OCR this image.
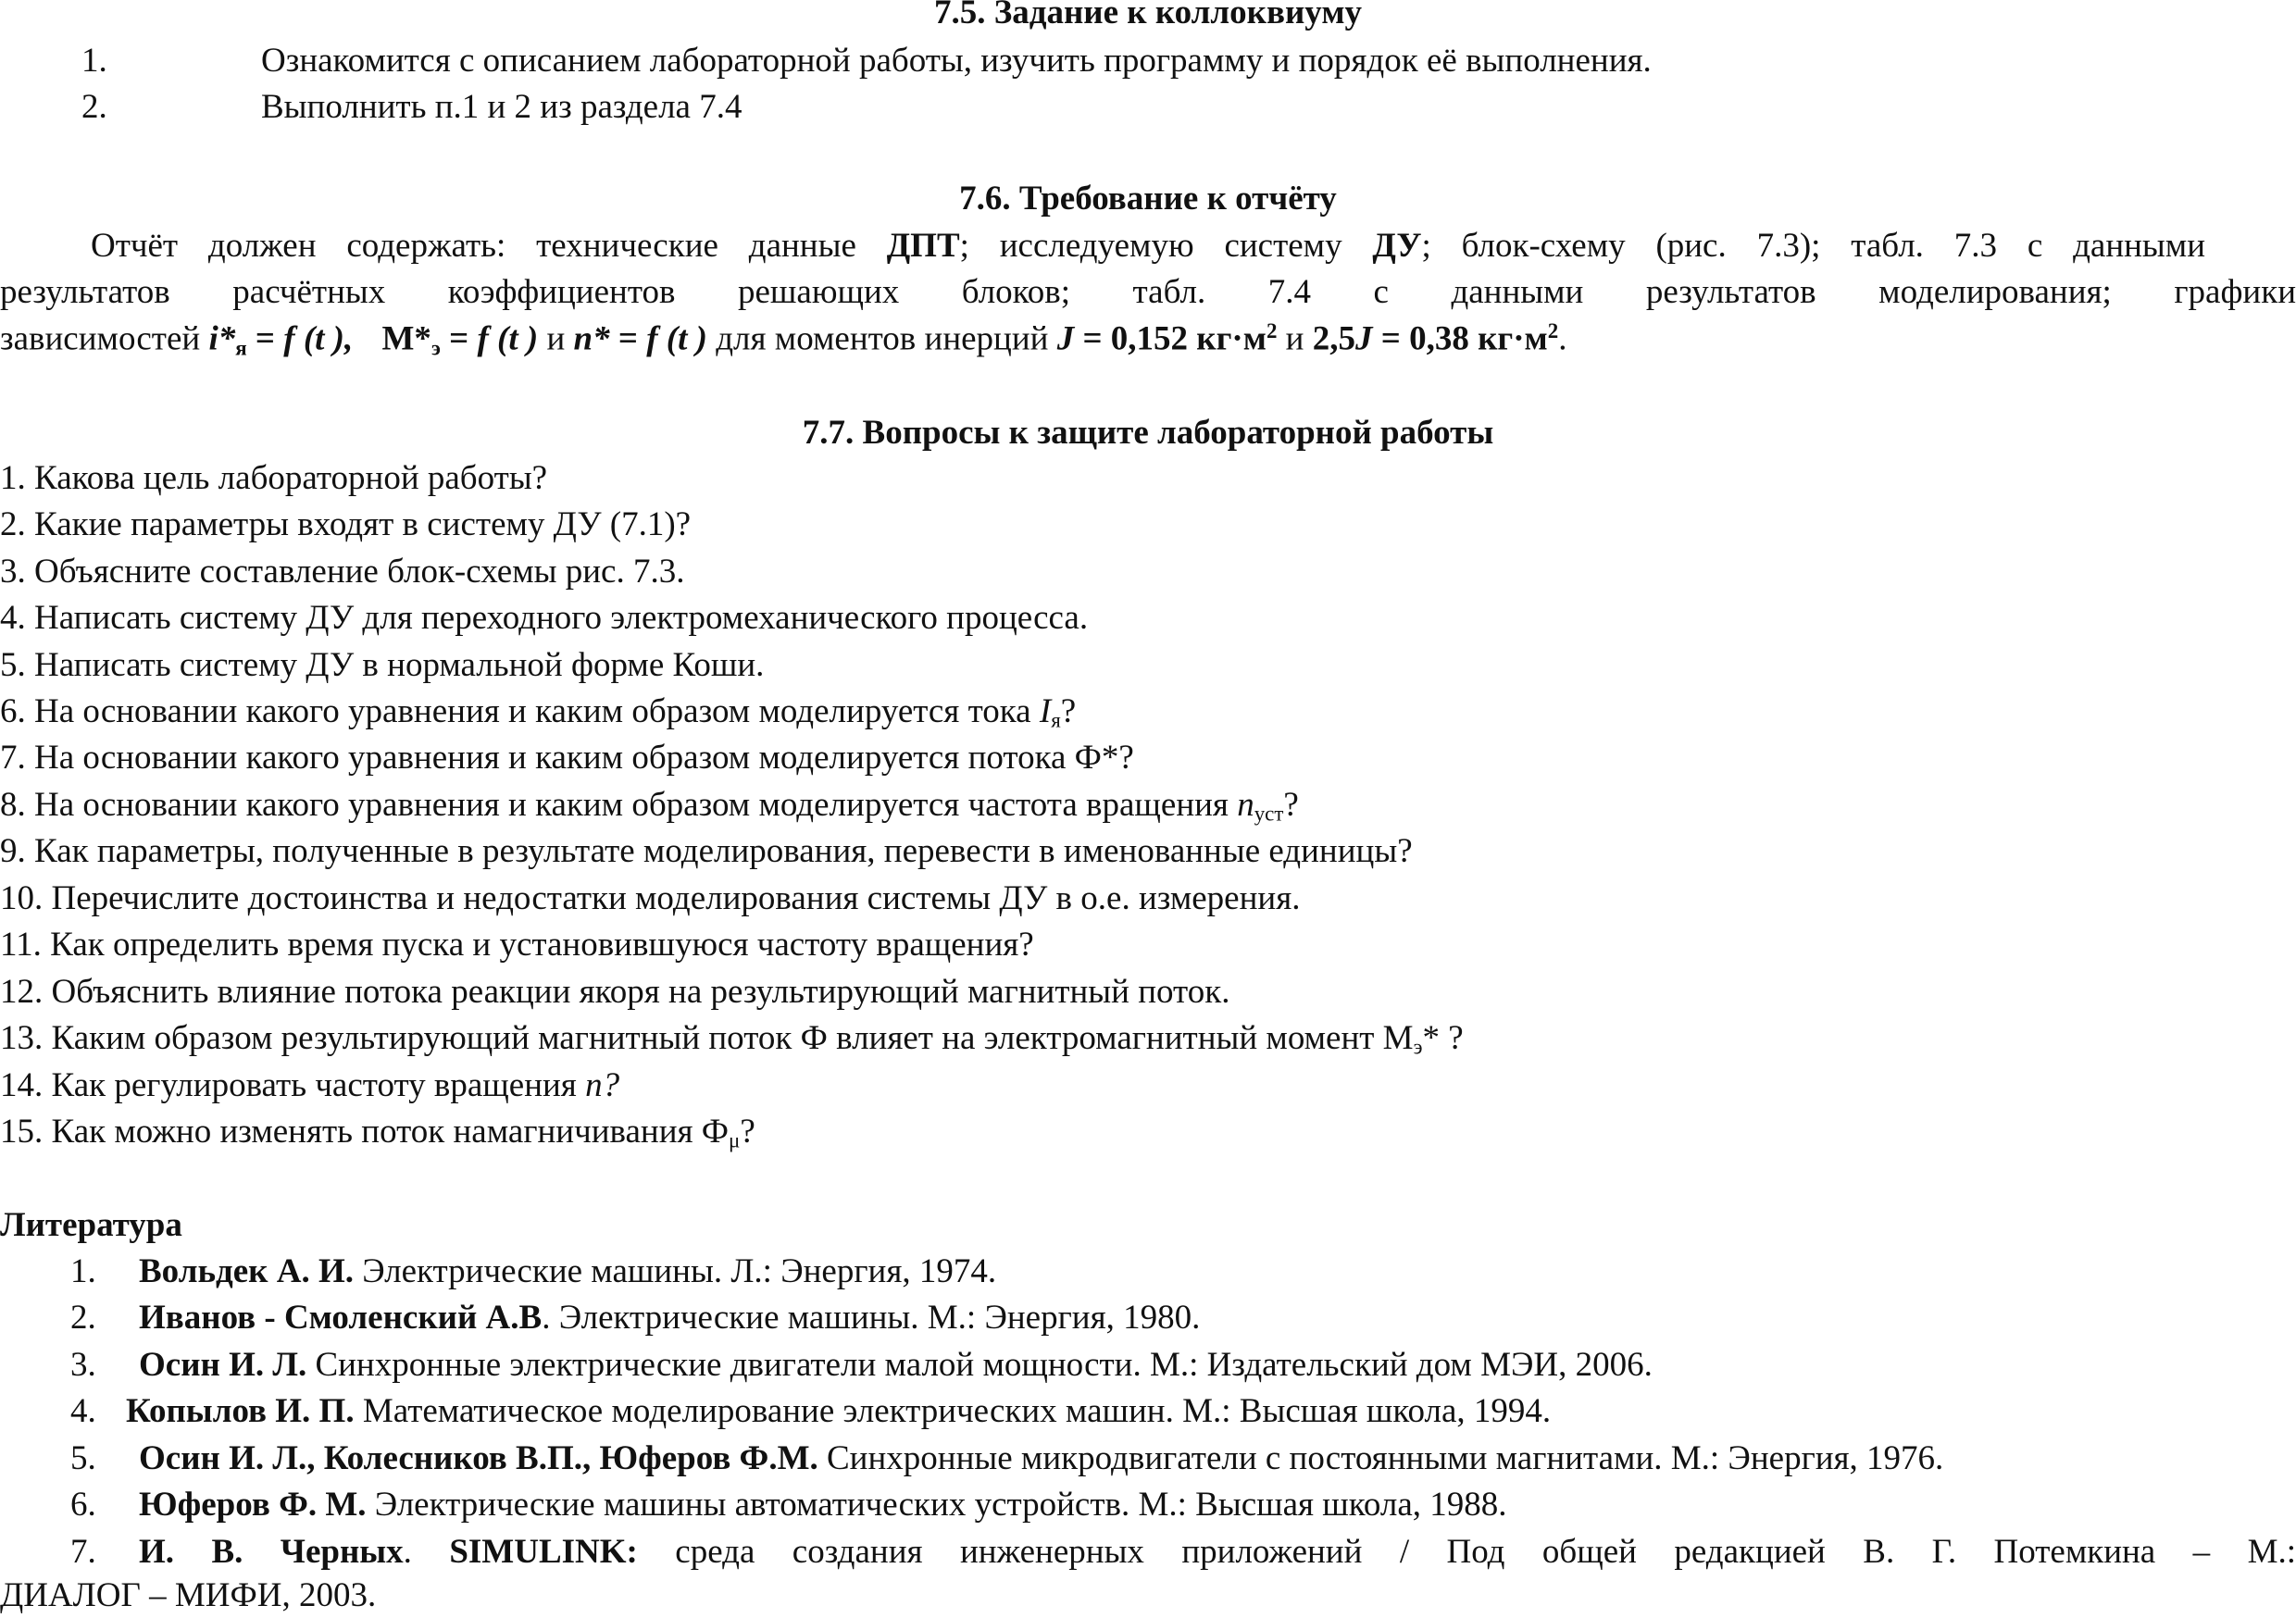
7.5. Задание к коллоквиуму
1.	Ознакомится с описанием лабораторной работы, изучить программу и порядок её выполнения.
2.	Выполнить п.1 и 2 из раздела 7.4
7.6. Требование к отчёту
Отчёт должен содержать: технические данные ДПТ; исследуемую систему ДУ; блок-схему (рис. 7.3); табл. 7.3 с данными
результатов расчётных коэффициентов решающих блоков; табл. 7.4 с данными результатов моделирования; графики
зависимостей $i*_я = f$ (t ), $M*_э = f$ (t ) и n* = f (t ) для моментов инерций J = 0,152 $кг\cdot м^2$ и 2,5J = 0,38 $кг\cdot м^2$.
7.7. Вопросы к защите лабораторной работы
1. Какова цель лабораторной работы?
2. Какие параметры входят в систему ДУ (7.1)?
3. Объясните составление блок-схемы рис. 7.3.
4. Написать систему ДУ для переходного электромеханического процесса.
5. Написать систему ДУ в нормальной форме Коши.
6. На основании какого уравнения и каким образом моделируется тока $I_я$?
7. На основании какого уравнения и каким образом моделируется потока Ф*?
8. На основании какого уравнения и каким образом моделируется частота вращения $n_{уст}$?
9. Как параметры, полученные в результате моделирования, перевести в именованные единицы?
10. Перечислите достоинства и недостатки моделирования системы ДУ в о.е. измерения.
11. Как определить время пуска и установившуюся частоту вращения?
12. Объяснить влияние потока реакции якоря на результирующий магнитный поток.
13. Каким образом результирующий магнитный поток Ф влияет на электромагнитный момент $М_э*$ ?
14. Как регулировать частоту вращения n?
15. Как можно изменять поток намагничивания $Ф_\mu$?
Литература
1. Вольдек А. И. Электрические машины. Л.: Энергия, 1974.
2. Иванов - Смоленский А.В. Электрические машины. М.: Энергия, 1980.
3. Осин И. Л. Синхронные электрические двигатели малой мощности. М.: Издательский дом МЭИ, 2006.
4. Копылов И. П. Математическое моделирование электрических машин. М.: Высшая школа, 1994.
5. Осин И. Л., Колесников В.П., Юферов Ф.М. Синхронные микродвигатели с постоянными магнитами. М.: Энергия, 1976.
6. Юферов Ф. М. Электрические машины автоматических устройств. М.: Высшая школа, 1988.
7. И. В. Черных. SIMULINK: среда создания инженерных приложений / Под общей редакцией В. Г. Потемкина – М.:
ДИАЛОГ – МИФИ, 2003.
